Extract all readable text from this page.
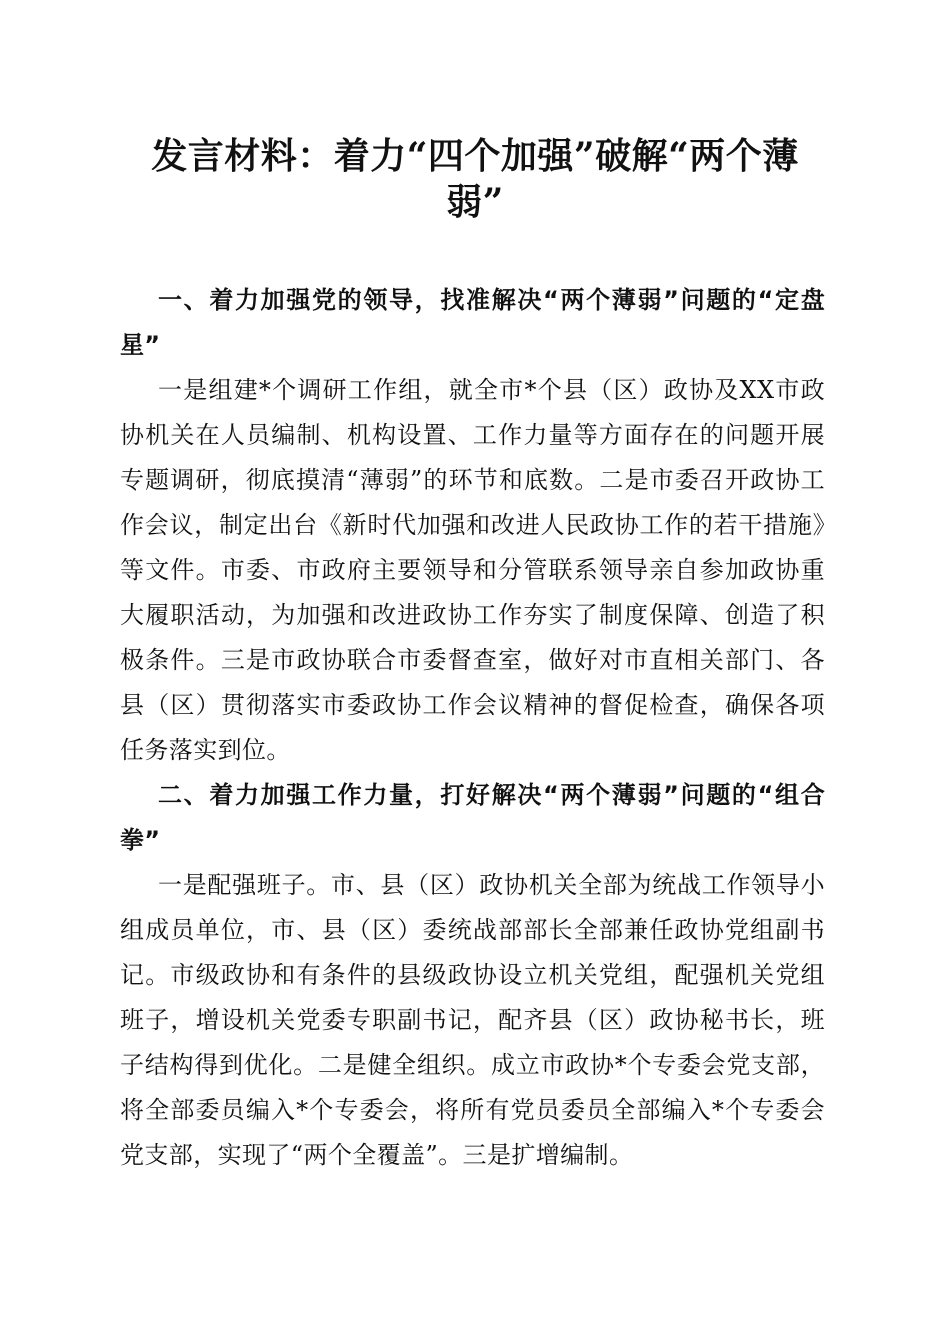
发言材料：着力“四个加强”破解“两个薄弱”

一、着力加强党的领导，找准解决“两个薄弱”问题的“定盘星”

一是组建*个调研工作组，就全市*个县（区）政协及XX市政协机关在人员编制、机构设置、工作力量等方面存在的问题开展专题调研，彻底摸清“薄弱”的环节和底数。二是市委召开政协工作会议，制定出台《新时代加强和改进人民政协工作的若干措施》等文件。市委、市政府主要领导和分管联系领导亲自参加政协重大履职活动，为加强和改进政协工作夯实了制度保障、创造了积极条件。三是市政协联合市委督查室，做好对市直相关部门、各县（区）贯彻落实市委政协工作会议精神的督促检查，确保各项任务落实到位。

二、着力加强工作力量，打好解决“两个薄弱”问题的“组合拳”

一是配强班子。市、县（区）政协机关全部为统战工作领导小组成员单位，市、县（区）委统战部部长全部兼任政协党组副书记。市级政协和有条件的县级政协设立机关党组，配强机关党组班子，增设机关党委专职副书记，配齐县（区）政协秘书长，班子结构得到优化。二是健全组织。成立市政协*个专委会党支部，将全部委员编入*个专委会，将所有党员委员全部编入*个专委会党支部，实现了“两个全覆盖”。三是扩增编制。
